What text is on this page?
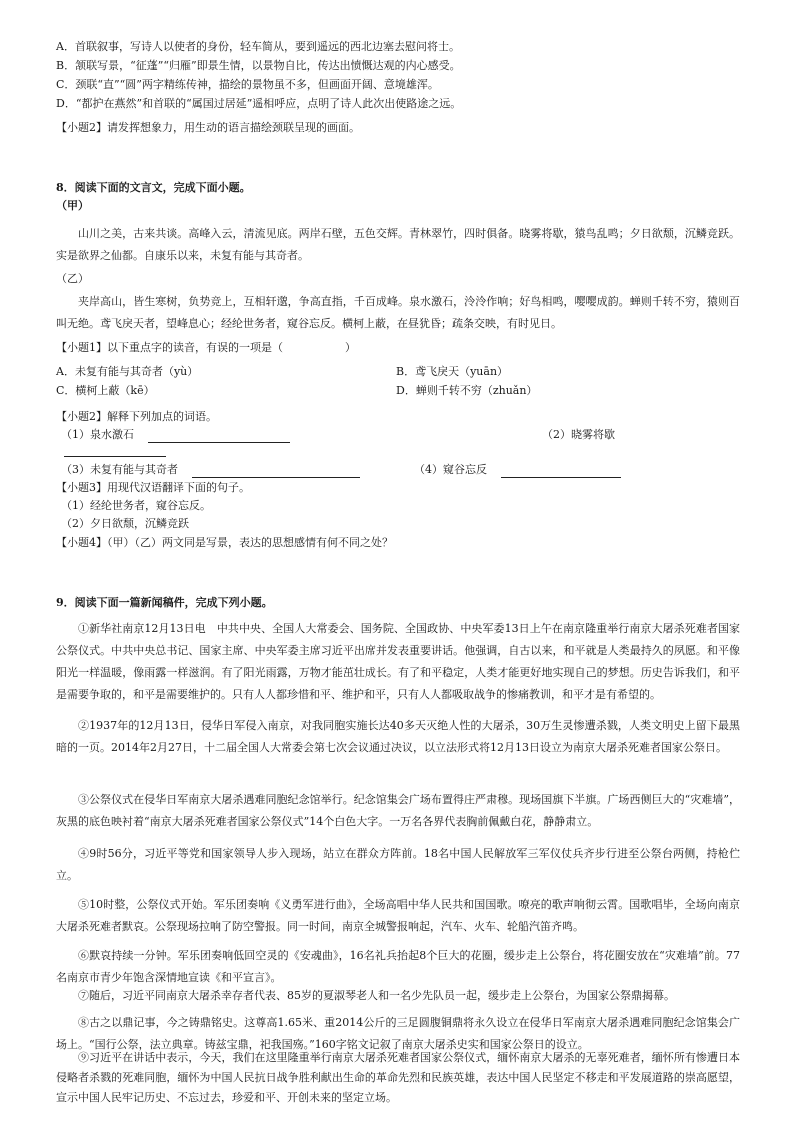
A．首联叙事，写诗人以使者的身份，轻车简从，要到遥远的西北边塞去慰问将士。
B．颔联写景，“征蓬”“归雁”即景生情，以景物自比，传达出愤慨达观的内心感受。
C．颈联“直”“圆”两字精练传神，描绘的景物虽不多，但画面开阔、意境雄浑。
D．“都护在燕然”和首联的“属国过居延”遥相呼应，点明了诗人此次出使路途之远。
【小题2】请发挥想象力，用生动的语言描绘颈联呈现的画面。
8．阅读下面的文言文，完成下面小题。
（甲）
山川之美，古来共谈。高峰入云，清流见底。两岸石壁，五色交辉。青林翠竹，四时俱备。晓雾将歇，猿鸟乱鸣；夕日欲颓，沉鳞竞跃。实是欲界之仙都。自康乐以来，未复有能与其奇者。
（乙）
夹岸高山，皆生寒树，负势竞上，互相轩邈，争高直指，千百成峰。泉水激石，泠泠作响；好鸟相鸣，嘤嘤成韵。蝉则千转不穷，猿则百叫无绝。鸢飞戾天者，望峰息心；经纶世务者，窥谷忘反。横柯上蔽，在昼犹昏；疏条交映，有时见日。
【小题1】以下重点字的读音，有误的一项是（	）
A．未复有能与其奇者（yù）	B．鸢飞戾天（yuān）
C．横柯上蔽（kē）	D．蝉则千转不穷（zhuǎn）
【小题2】解释下列加点的词语。
（1）泉水激石	（2）晓雾将歇
（3）未复有能与其奇者	（4）窥谷忘反
【小题3】用现代汉语翻译下面的句子。
（1）经纶世务者，窥谷忘反。
（2）夕日欲颓，沉鳞竞跃
【小题4】（甲）（乙）两文同是写景，表达的思想感情有何不同之处？
9．阅读下面一篇新闻稿件，完成下列小题。
①新华社南京12月13日电　中共中央、全国人大常委会、国务院、全国政协、中央军委13日上午在南京隆重举行南京大屠杀死难者国家公祭仪式。中共中央总书记、国家主席、中央军委主席习近平出席并发表重要讲话。他强调，自古以来，和平就是人类最持久的夙愿。和平像阳光一样温暖，像雨露一样滋润。有了阳光雨露，万物才能茁壮成长。有了和平稳定，人类才能更好地实现自己的梦想。历史告诉我们，和平是需要争取的，和平是需要维护的。只有人人都珍惜和平、维护和平，只有人人都吸取战争的惨痛教训，和平才是有希望的。
②1937年的12月13日，侵华日军侵入南京，对我同胞实施长达40多天灭绝人性的大屠杀，30万生灵惨遭杀戮，人类文明史上留下最黑暗的一页。2014年2月27日，十二届全国人大常委会第七次会议通过决议，以立法形式将12月13日设立为南京大屠杀死难者国家公祭日。
③公祭仪式在侵华日军南京大屠杀遇难同胞纪念馆举行。纪念馆集会广场布置得庄严肃穆。现场国旗下半旗。广场西侧巨大的“灾难墙”，灰黑的底色映衬着“南京大屠杀死难者国家公祭仪式”14个白色大字。一万名各界代表胸前佩戴白花，静静肃立。
④9时56分，习近平等党和国家领导人步入现场，站立在群众方阵前。18名中国人民解放军三军仪仗兵齐步行进至公祭台两侧，持枪伫立。
⑤10时整，公祭仪式开始。军乐团奏响《义勇军进行曲》，全场高唱中华人民共和国国歌。嘹亮的歌声响彻云霄。国歌唱毕，全场向南京大屠杀死难者默哀。公祭现场拉响了防空警报。同一时间，南京全城警报响起，汽车、火车、轮船汽笛齐鸣。
⑥默哀持续一分钟。军乐团奏响低回空灵的《安魂曲》，16名礼兵抬起8个巨大的花圈，缓步走上公祭台，将花圈安放在“灾难墙”前。77名南京市青少年饱含深情地宣读《和平宣言》。
⑦随后，习近平同南京大屠杀幸存者代表、85岁的夏淑琴老人和一名少先队员一起，缓步走上公祭台，为国家公祭鼎揭幕。
⑧古之以鼎记事，今之铸鼎铭史。这尊高1.65米、重2014公斤的三足圆腹铜鼎将永久设立在侵华日军南京大屠杀遇难同胞纪念馆集会广场上。“国行公祭，法立典章。铸兹宝鼎，祀我国殇。”160字铭文记叙了南京大屠杀史实和国家公祭日的设立。
⑨习近平在讲话中表示，今天，我们在这里隆重举行南京大屠杀死难者国家公祭仪式，缅怀南京大屠杀的无辜死难者，缅怀所有惨遭日本侵略者杀戮的死难同胞，缅怀为中国人民抗日战争胜利献出生命的革命先烈和民族英雄，表达中国人民坚定不移走和平发展道路的崇高愿望，宣示中国人民牢记历史、不忘过去，珍爱和平、开创未来的坚定立场。
